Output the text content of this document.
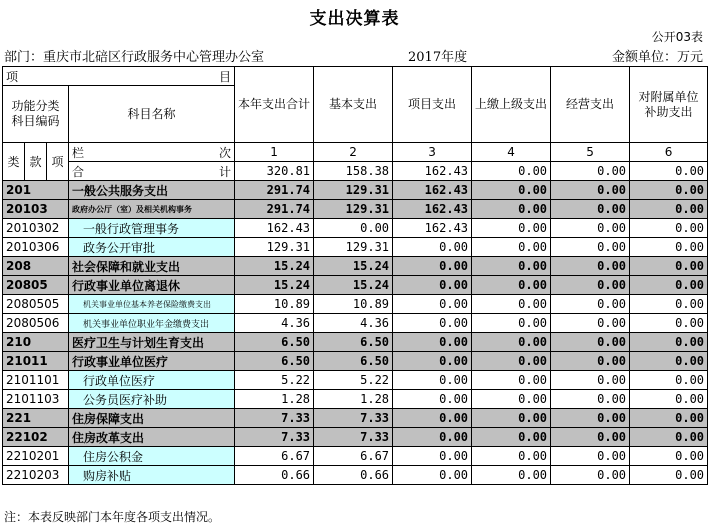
支出决算表
公开03表
部门：重庆市北碚区行政服务中心管理办公室	2017年度	金额单位：万元
项 目				本年支出合计	基本支出	项目支出	上缴上级支出	经营支出	对附属单位补助支出
功能分类科目编码			科目名称						

类	款	项	栏 次	1	2	3	4	5	6

			合 计	320.81	158.38	162.43	0.00	0.00	0.00
201			一般公共服务支出	291.74	129.31	162.43	0.00	0.00	0.00
20103			政府办公厅（室）及相关机构事务	291.74	129.31	162.43	0.00	0.00	0.00
2010302			一般行政管理事务	162.43	0.00	162.43	0.00	0.00	0.00
2010306			政务公开审批	129.31	129.31	0.00	0.00	0.00	0.00
208			社会保障和就业支出	15.24	15.24	0.00	0.00	0.00	0.00
20805			行政事业单位离退休	15.24	15.24	0.00	0.00	0.00	0.00
2080505			机关事业单位基本养老保险缴费支出	10.89	10.89	0.00	0.00	0.00	0.00
2080506			机关事业单位职业年金缴费支出	4.36	4.36	0.00	0.00	0.00	0.00
210			医疗卫生与计划生育支出	6.50	6.50	0.00	0.00	0.00	0.00
21011			行政事业单位医疗	6.50	6.50	0.00	0.00	0.00	0.00
2101101			行政单位医疗	5.22	5.22	0.00	0.00	0.00	0.00
2101103			公务员医疗补助	1.28	1.28	0.00	0.00	0.00	0.00
221			住房保障支出	7.33	7.33	0.00	0.00	0.00	0.00
22102			住房改革支出	7.33	7.33	0.00	0.00	0.00	0.00
2210201			住房公积金	6.67	6.67	0.00	0.00	0.00	0.00
2210203			购房补贴	0.66	0.66	0.00	0.00	0.00	0.00
注：本表反映部门本年度各项支出情况。
